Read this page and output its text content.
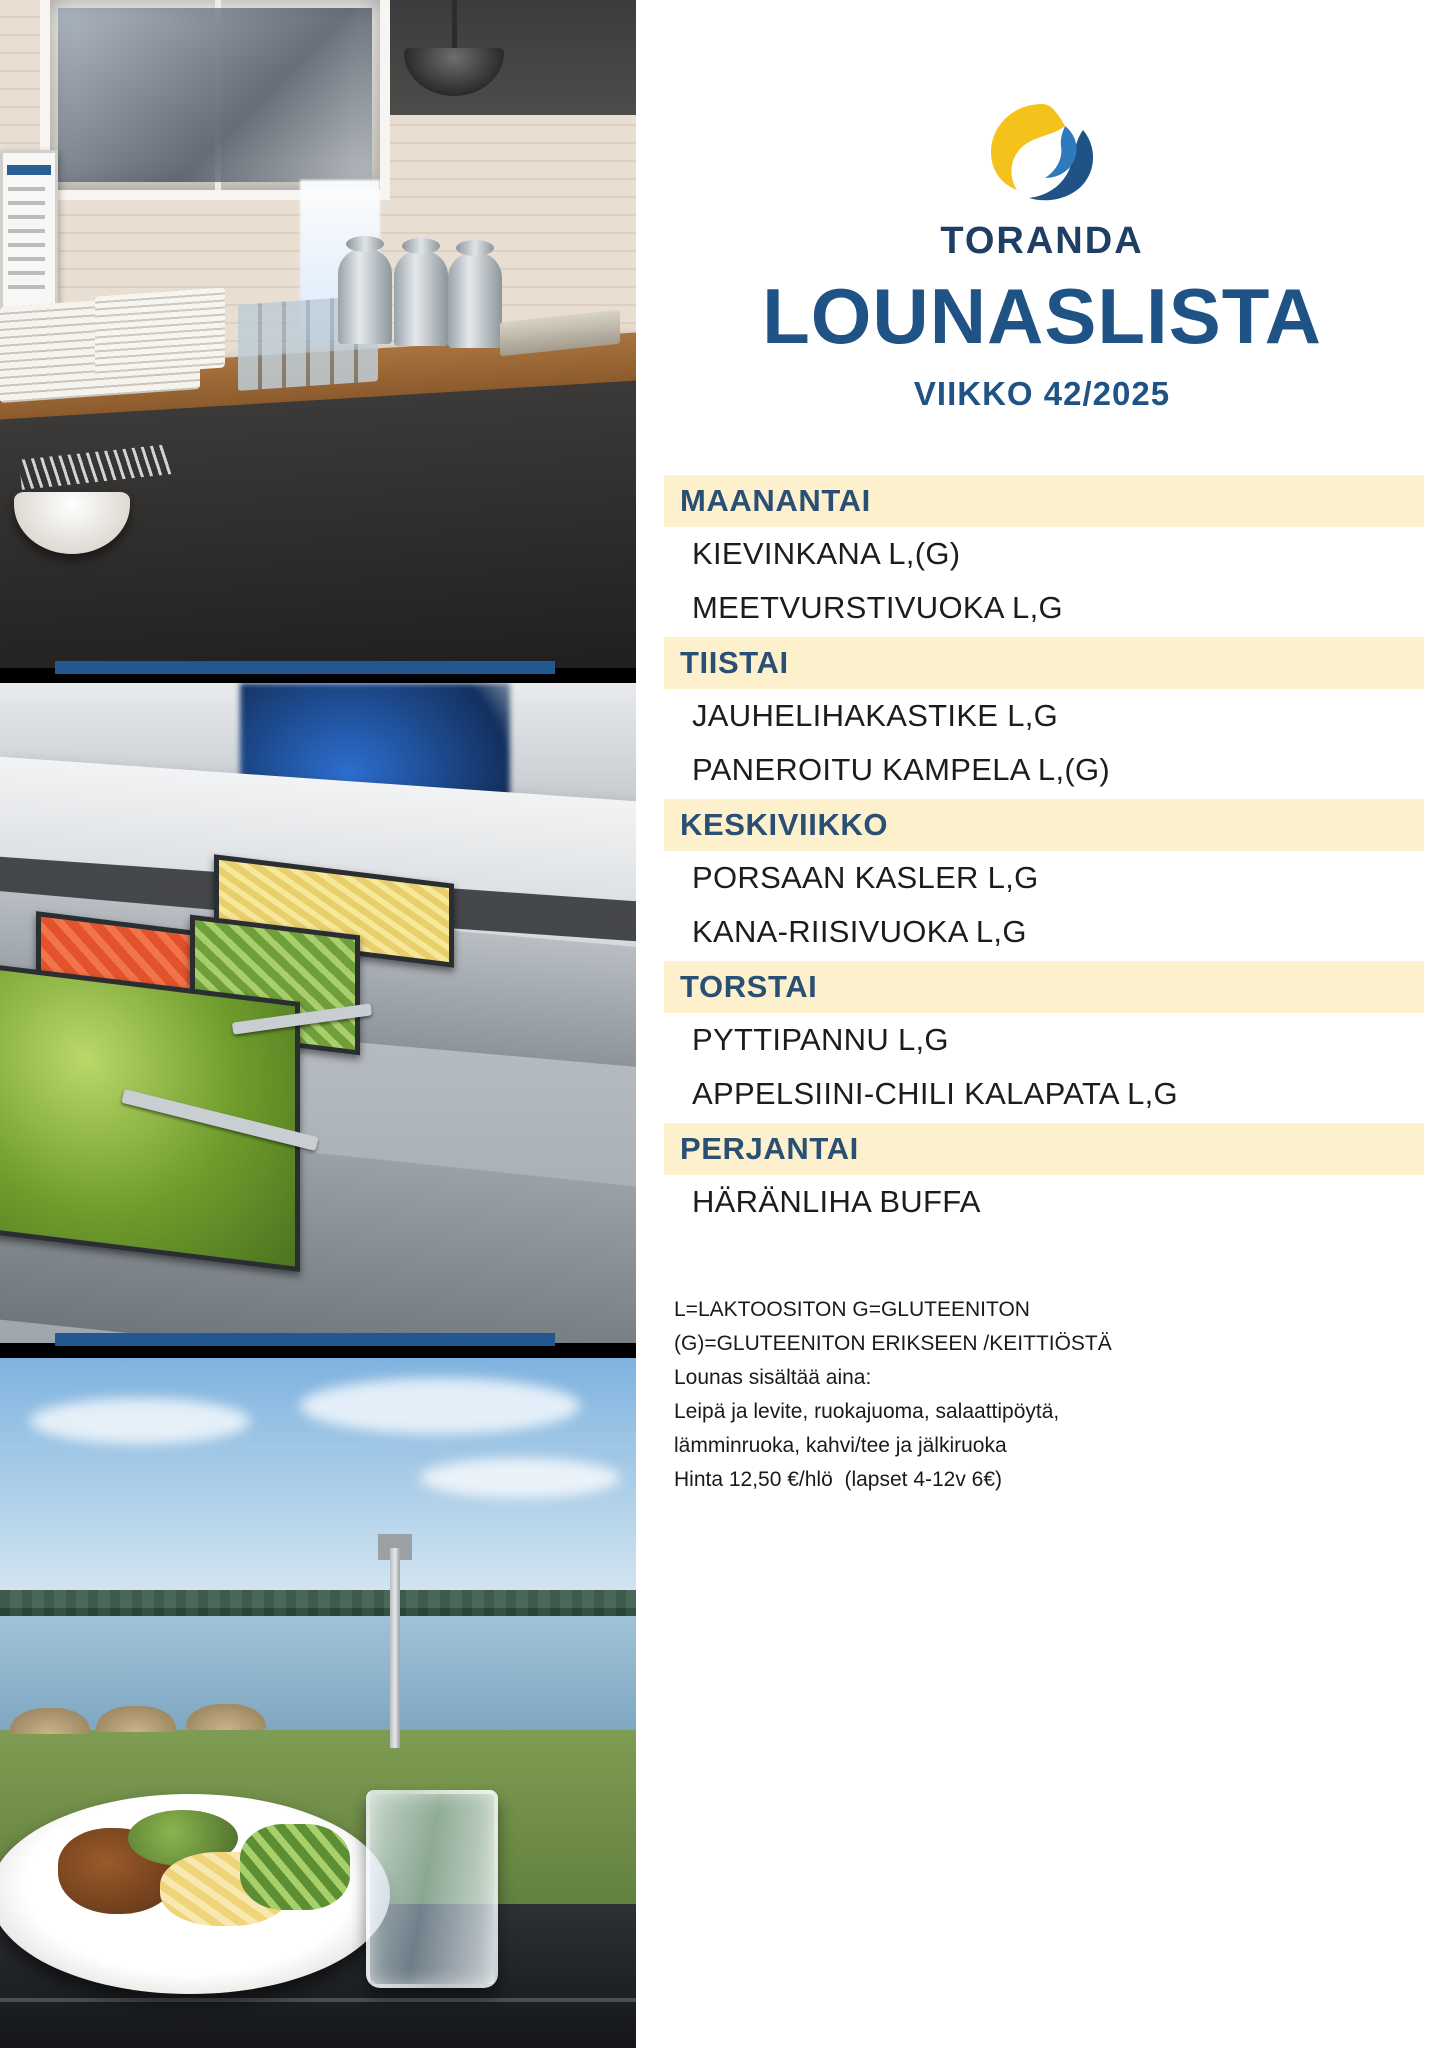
TORANDA
LOUNASLISTA
VIIKKO 42/2025
MAANANTAI
KIEVINKANA L,(G)
MEETVURSTIVUOKA L,G
TIISTAI
JAUHELIHAKASTIKE L,G
PANEROITU KAMPELA L,(G)
KESKIVIIKKO
PORSAAN KASLER L,G
KANA-RIISIVUOKA L,G
TORSTAI
PYTTIPANNU L,G
APPELSIINI-CHILI KALAPATA L,G
PERJANTAI
HÄRÄNLIHA BUFFA
L=LAKTOOSITON G=GLUTEENITON
(G)=GLUTEENITON ERIKSEEN /KEITTIÖSTÄ
Lounas sisältää aina:
Leipä ja levite, ruokajuoma, salaattipöytä,
lämminruoka, kahvi/tee ja jälkiruoka
Hinta 12,50 €/hlö  (lapset 4-12v 6€)
